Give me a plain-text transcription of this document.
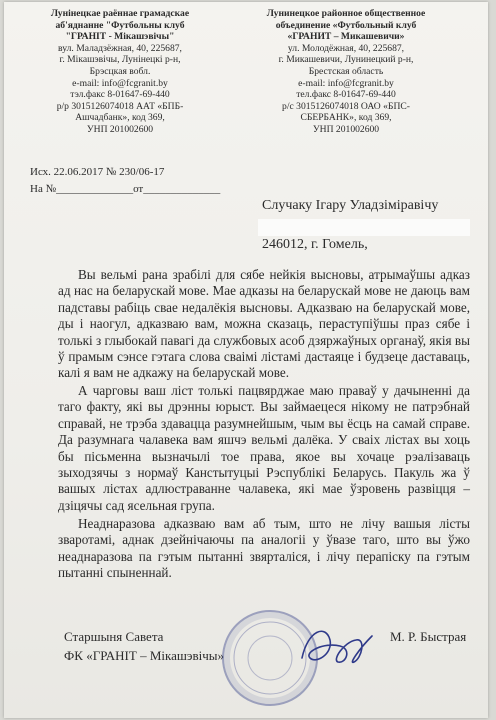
Лунінецкае раённае грамадскае
аб'яднанне "Футбольны клуб
"ГРАНІТ - Мікашэвічы"
вул. Маладзёжная, 40, 225687,
г. Мікашэвічы, Лунінецкі р-н,
Брэсцкая вобл.
e-mail: info@fcgranit.by
тэл.факс 8-01647-69-440
р/р 3015126074018 ААТ «БПБ-
Ашчадбанк», код 369,
УНП 201002600
Лунинецкое районное общественное
объединение «Футбольный клуб
«ГРАНИТ – Микашевичи»
ул. Молодёжная, 40, 225687,
г. Микашевичи, Лунинецкий р-н,
Брестская область
e-mail: info@fcgranit.by
тел.факс 8-01647-69-440
р/с 3015126074018 ОАО «БПС-
СБЕРБАНК», код 369,
УНП 201002600
Исх. 22.06.2017 № 230/06-17
На №______________от______________
Случаку Ігару Уладзіміравічу
246012, г. Гомель,

Вы вельмі рана зрабілі для сябе нейкія высновы, атрымаўшы адказ ад нас на беларускай мове. Мае адказы на беларускай мове не даюць вам падставы рабіць свае недалёкія высновы. Адказваю на беларускай мове, ды і наогул, адказваю вам, можна сказаць, пераступіўшы праз сябе і толькі з глыбокай павагі да службовых асоб дзяржаўных органаў, якія вы ў прамым сэнсе гэтага слова сваімі лістамі дастаяце і будзеце даставаць, калі я вам не адкажу на беларускай мове.

А чарговы ваш ліст толькі пацвярджае маю праваў у дачыненні да таго факту, які вы дрэнны юрыст. Вы займаецеся нікому не патрэбнай справай, не трэба здавацца разумнейшым, чым вы ёсць на самай справе. Да разумнага чалавека вам яшчэ вельмі далёка. У сваіх лістах вы хоць бы пісьменна вызначылі тое права, якое вы хочаце рэалізаваць зыходзячы з нормаў Канстытуцыі Рэспублікі Беларусь. Пакуль жа ў вашых лістах адлюстраванне чалавека, які мае ўзровень развіцця – дзіцячы сад ясельная група.

Неаднаразова адказваю вам аб тым, што не лічу вашыя лісты зваротамі, аднак дзейнічаючы па аналогіі у ўвазе таго, што вы ўжо неаднаразова па гэтым пытанні звярталіся, і лічу перапіску па гэтым пытанні спыненнай.

Старшыня Савета
ФК «ГРАНІТ – Мікашэвічы»
М. Р. Быстрая
